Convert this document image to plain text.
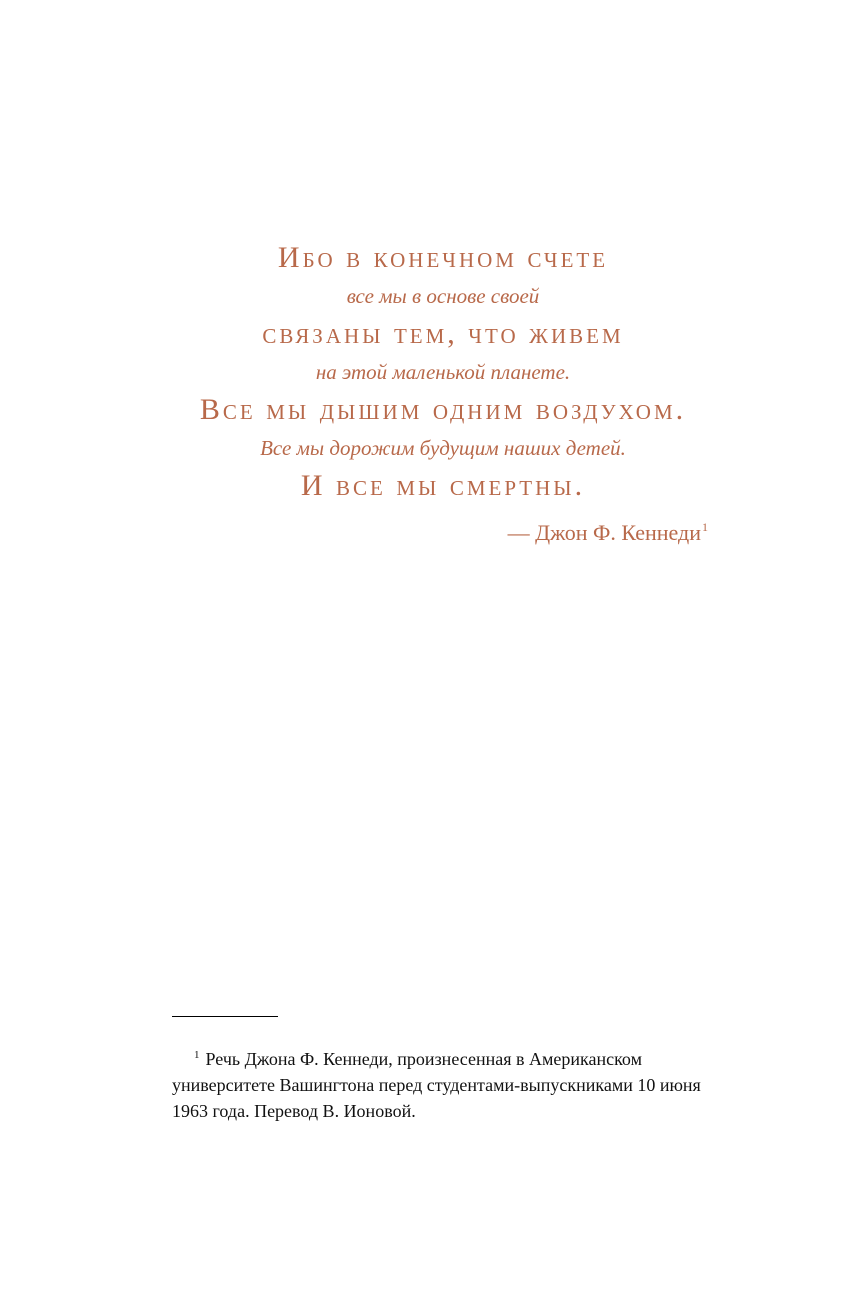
Ибо в конечном счете
все мы в основе своей
связаны тем, что живем
на этой маленькой планете.
Все мы дышим одним воздухом.
Все мы дорожим будущим наших детей.
И все мы смертны.
— Джон Ф. Кеннеди$^1$

$^1$ Речь Джона Ф. Кеннеди, произнесенная в Американском университете Вашингтона перед студентами-выпускниками 10 июня 1963 года. Перевод В. Ионовой.
